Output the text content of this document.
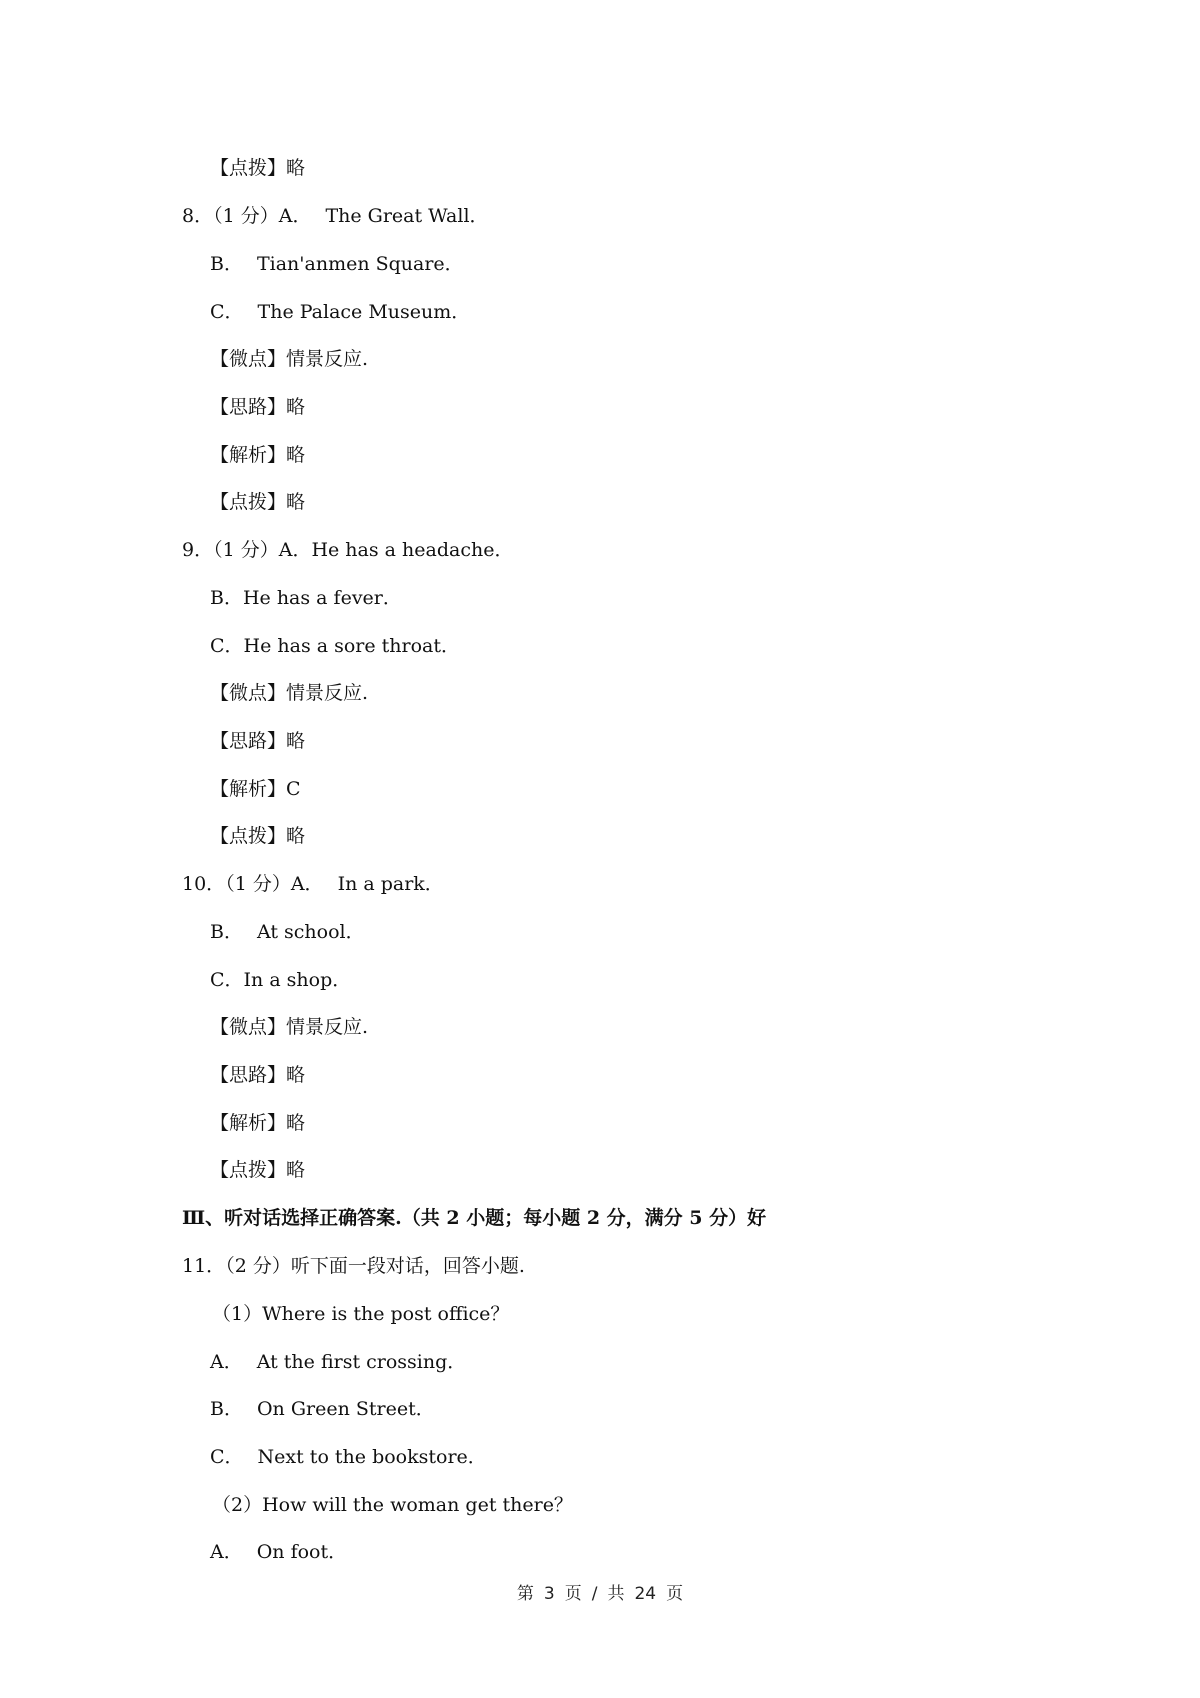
【点拨】略
8．（1 分）A． The Great Wall．
B． Tian'anmen Square．
C． The Palace Museum．
【微点】情景反应.
【思路】略
【解析】略
【点拨】略
9．（1 分）A．He has a headache．
B．He has a fever．
C．He has a sore throat．
【微点】情景反应.
【思路】略
【解析】C
【点拨】略
10．（1 分）A． In a park．
B． At school．
C．In a shop．
【微点】情景反应.
【思路】略
【解析】略
【点拨】略
Ⅲ、听对话选择正确答案.（共 2 小题；每小题 2 分，满分 5 分）好
11．（2 分）听下面一段对话，回答小题.
（1）Where is the post office？
A． At the first crossing．
B． On Green Street．
C． Next to the bookstore．
（2）How will the woman get there？
A． On foot．
第 3 页 / 共 24 页
